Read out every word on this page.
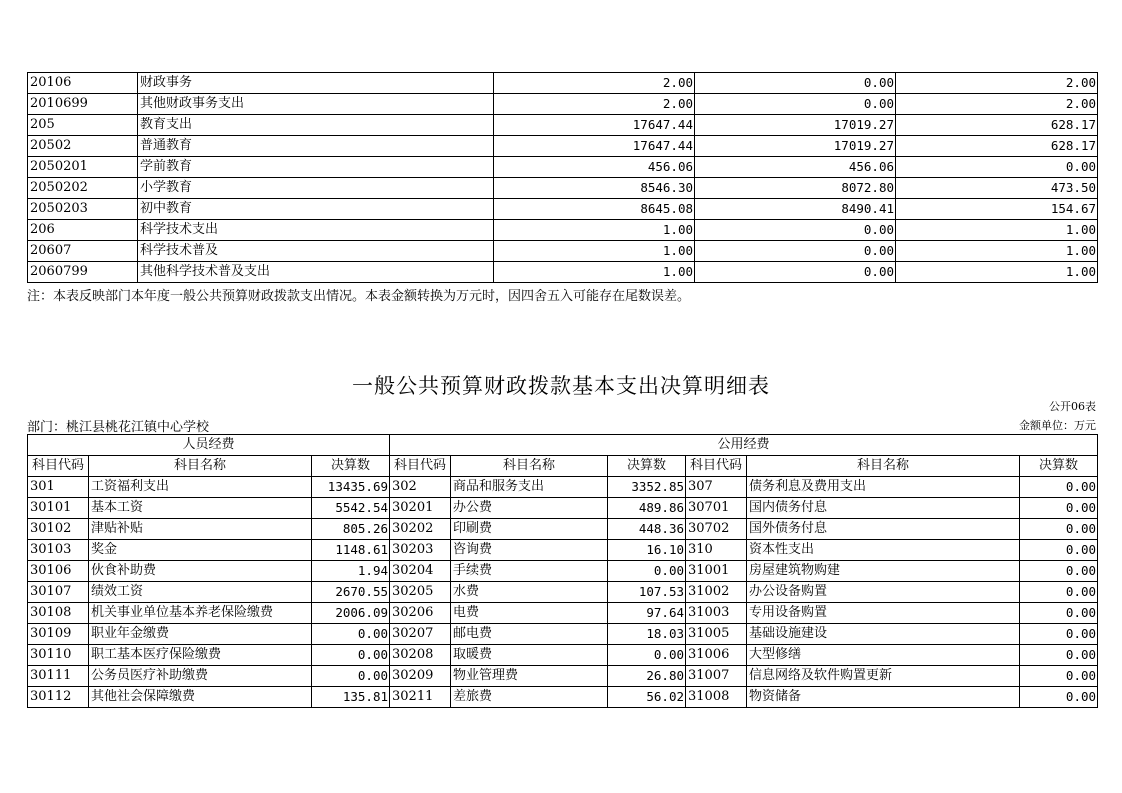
20106	财政事务	2.00	0.00	2.00
2010699	其他财政事务支出	2.00	0.00	2.00
205	教育支出	17647.44	17019.27	628.17
20502	普通教育	17647.44	17019.27	628.17
2050201	学前教育	456.06	456.06	0.00
2050202	小学教育	8546.30	8072.80	473.50
2050203	初中教育	8645.08	8490.41	154.67
206	科学技术支出	1.00	0.00	1.00
20607	科学技术普及	1.00	0.00	1.00
2060799	其他科学技术普及支出	1.00	0.00	1.00
注：本表反映部门本年度一般公共预算财政拨款支出情况。本表金额转换为万元时，因四舍五入可能存在尾数误差。
一般公共预算财政拨款基本支出决算明细表
公开06表
部门：桃江县桃花江镇中心学校	金额单位：万元
人员经费			公用经费					
科目代码	科目名称	决算数	科目代码	科目名称	决算数	科目代码	科目名称	决算数
301	工资福利支出	13435.69	302	商品和服务支出	3352.85	307	债务利息及费用支出	0.00
30101	基本工资	5542.54	30201	办公费	489.86	30701	国内债务付息	0.00
30102	津贴补贴	805.26	30202	印刷费	448.36	30702	国外债务付息	0.00
30103	奖金	1148.61	30203	咨询费	16.10	310	资本性支出	0.00
30106	伙食补助费	1.94	30204	手续费	0.00	31001	房屋建筑物购建	0.00
30107	绩效工资	2670.55	30205	水费	107.53	31002	办公设备购置	0.00
30108	机关事业单位基本养老保险缴费	2006.09	30206	电费	97.64	31003	专用设备购置	0.00
30109	职业年金缴费	0.00	30207	邮电费	18.03	31005	基础设施建设	0.00
30110	职工基本医疗保险缴费	0.00	30208	取暖费	0.00	31006	大型修缮	0.00
30111	公务员医疗补助缴费	0.00	30209	物业管理费	26.80	31007	信息网络及软件购置更新	0.00
30112	其他社会保障缴费	135.81	30211	差旅费	56.02	31008	物资储备	0.00
